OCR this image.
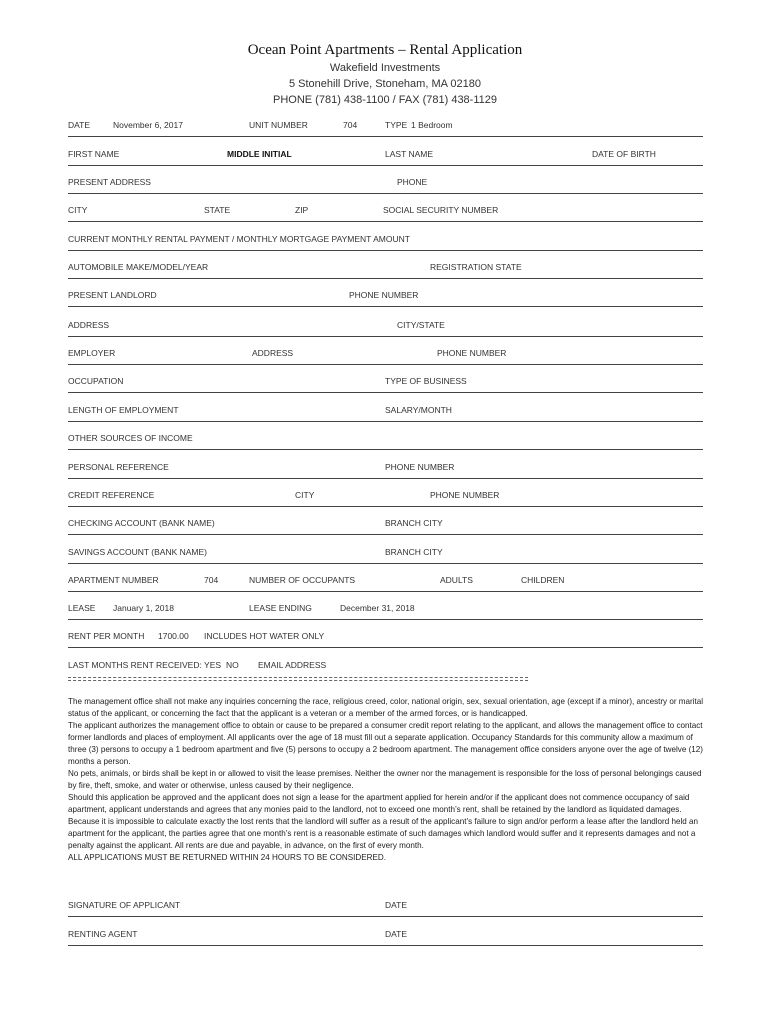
Ocean Point Apartments – Rental Application
Wakefield Investments
5 Stonehill Drive, Stoneham, MA 02180
PHONE (781) 438-1100 / FAX (781) 438-1129
DATE	November 6, 2017	UNIT NUMBER	704	TYPE 1 Bedroom
FIRST NAME	MIDDLE INITIAL	LAST NAME	DATE OF BIRTH
PRESENT ADDRESS	PHONE
CITY	STATE	ZIP	SOCIAL SECURITY NUMBER
CURRENT MONTHLY RENTAL PAYMENT / MONTHLY MORTGAGE PAYMENT AMOUNT
AUTOMOBILE MAKE/MODEL/YEAR	REGISTRATION STATE
PRESENT LANDLORD	PHONE NUMBER
ADDRESS	CITY/STATE
EMPLOYER	ADDRESS	PHONE NUMBER
OCCUPATION	TYPE OF BUSINESS
LENGTH OF EMPLOYMENT	SALARY/MONTH
OTHER SOURCES OF INCOME
PERSONAL REFERENCE	PHONE NUMBER
CREDIT REFERENCE	CITY	PHONE NUMBER
CHECKING ACCOUNT (BANK NAME)	BRANCH CITY
SAVINGS ACCOUNT (BANK NAME)	BRANCH CITY
APARTMENT NUMBER	704	NUMBER OF OCCUPANTS	ADULTS	CHILDREN
LEASE January 1, 2018	LEASE ENDING	December 31, 2018
RENT PER MONTH 1700.00 INCLUDES HOT WATER ONLY
LAST MONTHS RENT RECEIVED: YES NO EMAIL ADDRESS

The management office shall not make any inquiries concerning the race, religious creed, color, national origin, sex, sexual orientation, age (except if a minor), ancestry or marital status of the applicant, or concerning the fact that the applicant is a veteran or a member of the armed forces, or is handicapped.

The applicant authorizes the management office to obtain or cause to be prepared a consumer credit report relating to the applicant, and allows the management office to contact former landlords and places of employment. All applicants over the age of 18 must fill out a separate application. Occupancy Standards for this community allow a maximum of three (3) persons to occupy a 1 bedroom apartment and five (5) persons to occupy a 2 bedroom apartment. The management office considers anyone over the age of twelve (12) months a person.

No pets, animals, or birds shall be kept in or allowed to visit the lease premises. Neither the owner nor the management is responsible for the loss of personal belongings caused by fire, theft, smoke, and water or otherwise, unless caused by their negligence.

Should this application be approved and the applicant does not sign a lease for the apartment applied for herein and/or if the applicant does not commence occupancy of said apartment, applicant understands and agrees that any monies paid to the landlord, not to exceed one month’s rent, shall be retained by the landlord as liquidated damages. Because it is impossible to calculate exactly the lost rents that the landlord will suffer as a result of the applicant’s failure to sign and/or perform a lease after the landlord held an apartment for the applicant, the parties agree that one month’s rent is a reasonable estimate of such damages which landlord would suffer and it represents damages and not a penalty against the applicant. All rents are due and payable, in advance, on the first of every month.

ALL APPLICATIONS MUST BE RETURNED WITHIN 24 HOURS TO BE CONSIDERED.

SIGNATURE OF APPLICANT	DATE
RENTING AGENT	DATE
